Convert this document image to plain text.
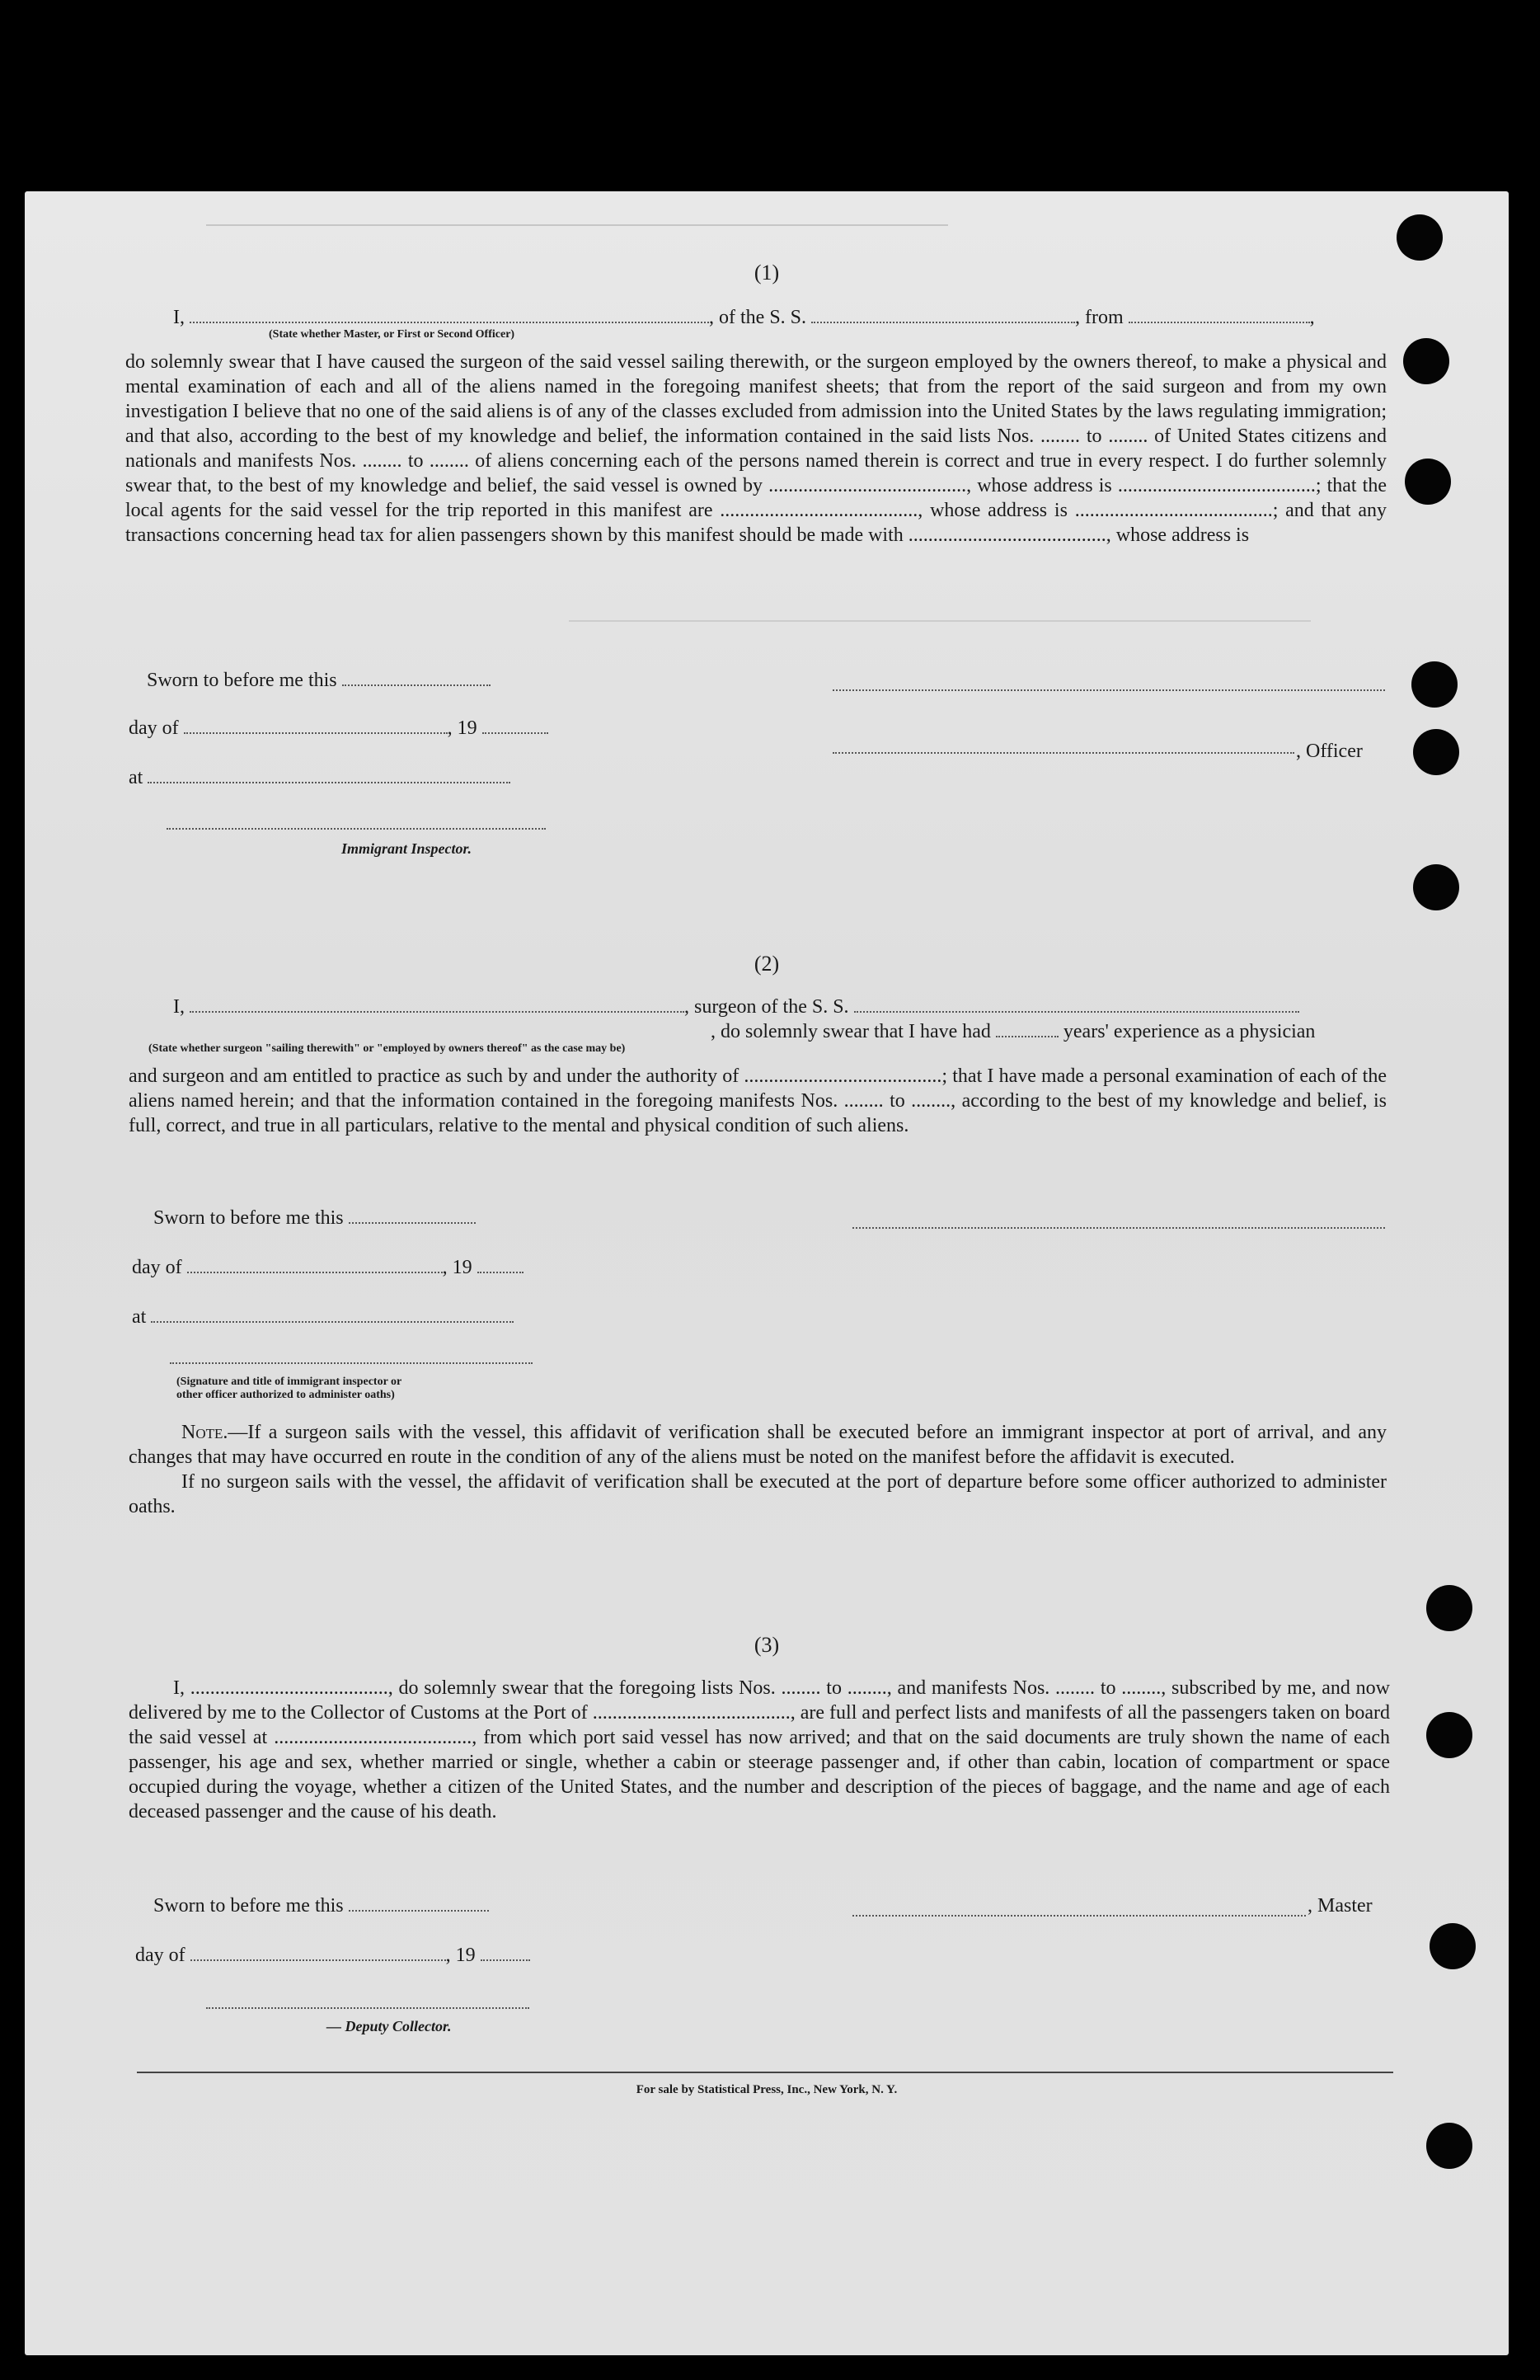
(1)
I,	, of the S. S.	, from	,
(State whether Master, or First or Second Officer)

do solemnly swear that I have caused the surgeon of the said vessel sailing therewith, or the surgeon employed by the owners thereof, to make a physical and mental examination of each and all of the aliens named in the foregoing manifest sheets; that from the report of the said surgeon and from my own investigation I believe that no one of the said aliens is of any of the classes excluded from admission into the United States by the laws regulating immigration; and that also, according to the best of my knowledge and belief, the information contained in the said lists Nos. ........ to ........ of United States citizens and nationals and manifests Nos. ........ to ........ of aliens concerning each of the persons named therein is correct and true in every respect. I do further solemnly swear that, to the best of my knowledge and belief, the said vessel is owned by ........................................, whose address is ........................................; that the local agents for the said vessel for the trip reported in this manifest are ........................................, whose address is ........................................; and that any transactions concerning head tax for alien passengers shown by this manifest should be made with ........................................, whose address is

Sworn to before me this
day of	, 19
, Officer
at
Immigrant Inspector.
(2)
I,	, surgeon of the S. S.
, do solemnly swear that I have had	years' experience as a physician
(State whether surgeon "sailing therewith" or "employed by owners thereof" as the case may be)

and surgeon and am entitled to practice as such by and under the authority of ........................................; that I have made a personal examination of each of the aliens named herein; and that the information contained in the foregoing manifests Nos. ........ to ........, according to the best of my knowledge and belief, is full, correct, and true in all particulars, relative to the mental and physical condition of such aliens.

Sworn to before me this
day of	, 19
at
(Signature and title of immigrant inspector or
other officer authorized to administer oaths)

Note.—If a surgeon sails with the vessel, this affidavit of verification shall be executed before an immigrant inspector at port of arrival, and any changes that may have occurred en route in the condition of any of the aliens must be noted on the manifest before the affidavit is executed.

If no surgeon sails with the vessel, the affidavit of verification shall be executed at the port of departure before some officer authorized to administer oaths.

(3)

I, ........................................, do solemnly swear that the foregoing lists Nos. ........ to ........, and manifests Nos. ........ to ........, subscribed by me, and now delivered by me to the Collector of Customs at the Port of ........................................, are full and perfect lists and manifests of all the passengers taken on board the said vessel at ........................................, from which port said vessel has now arrived; and that on the said documents are truly shown the name of each passenger, his age and sex, whether married or single, whether a cabin or steerage passenger and, if other than cabin, location of compartment or space occupied during the voyage, whether a citizen of the United States, and the number and description of the pieces of baggage, and the name and age of each deceased passenger and the cause of his death.

Sworn to before me this	, Master
day of	, 19
— Deputy Collector.
For sale by Statistical Press, Inc., New York, N. Y.
